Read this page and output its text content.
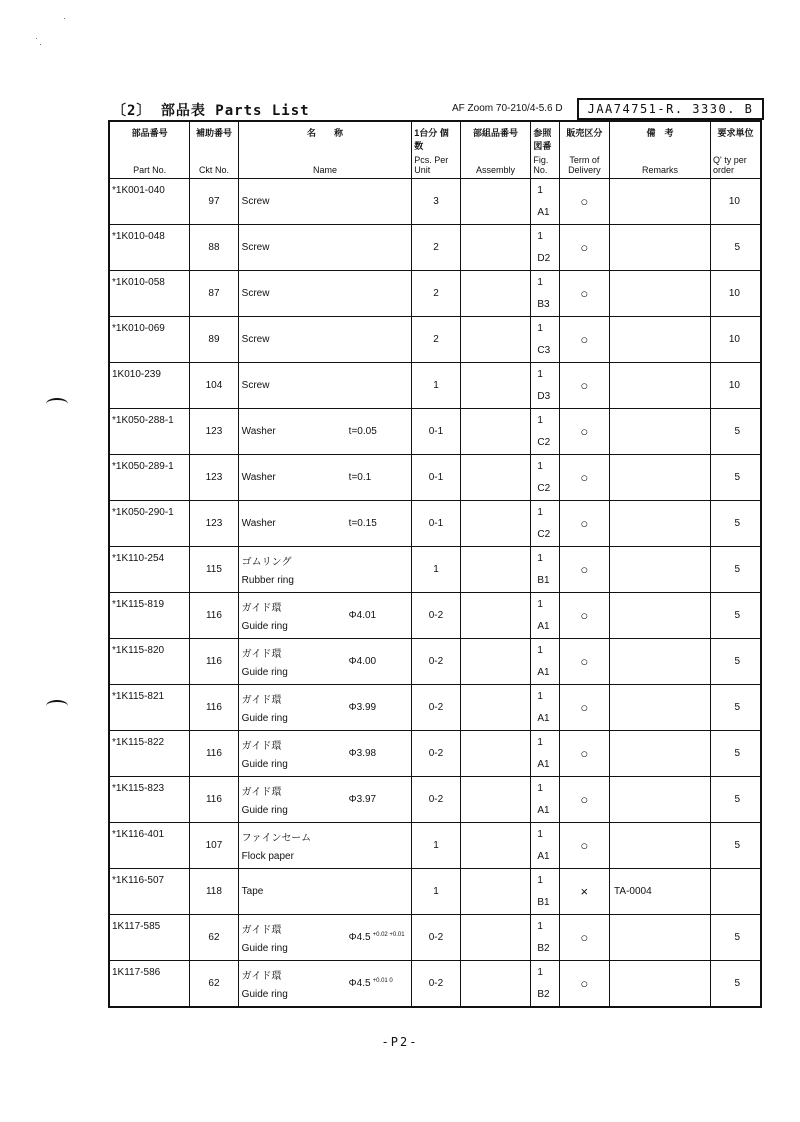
〔2〕 部品表 Parts List	AF Zoom 70-210/4-5.6 D	JAA74751-R. 3330. B
部品番号
Part No.	補助番号
Ckt No.	名　　称
Name	1台分 個 数
Pcs. Per Unit	部組品番号
Assembly	参照 図番
Fig. No.	販売区分
Term of Delivery	備　考
Remarks	要求単位
Q' ty per order

*1K001-040	97	Screw	3		1
A1	○		10

*1K010-048	88	Screw	2		1
D2	○		5

*1K010-058	87	Screw	2		1
B3	○		10

*1K010-069	89	Screw	2		1
C3	○		10

1K010-239	104	Screw	1		1
D3	○		10

*1K050-288-1	123	Washer t=0.05	0-1		1
C2	○		5

*1K050-289-1	123	Washer t=0.1	0-1		1
C2	○		5

*1K050-290-1	123	Washer t=0.15	0-1		1
C2	○		5

*1K110-254	115	ゴムリング
Rubber ring	1		1
B1	○		5

*1K115-819	116	ガイド環
Guide ring
Φ4.01	0-2		1
A1	○		5

*1K115-820	116	ガイド環
Guide ring
Φ4.00	0-2		1
A1	○		5

*1K115-821	116	ガイド環
Guide ring
Φ3.99	0-2		1
A1	○		5

*1K115-822	116	ガイド環
Guide ring
Φ3.98	0-2		1
A1	○		5

*1K115-823	116	ガイド環
Guide ring
Φ3.97	0-2		1
A1	○		5

*1K116-401	107	ファインセーム
Flock paper	1		1
A1	○		5

*1K116-507	118	Tape	1		1
B1	×	TA-0004	

1K117-585	62	ガイド環
Guide ring
Φ4.5 $^{+0.02 +0.01}$	0-2		1
B2	○		5

1K117-586	62	ガイド環
Guide ring
Φ4.5 $^{+0.01 0}$	0-2		1
B2	○		5
-P2-
